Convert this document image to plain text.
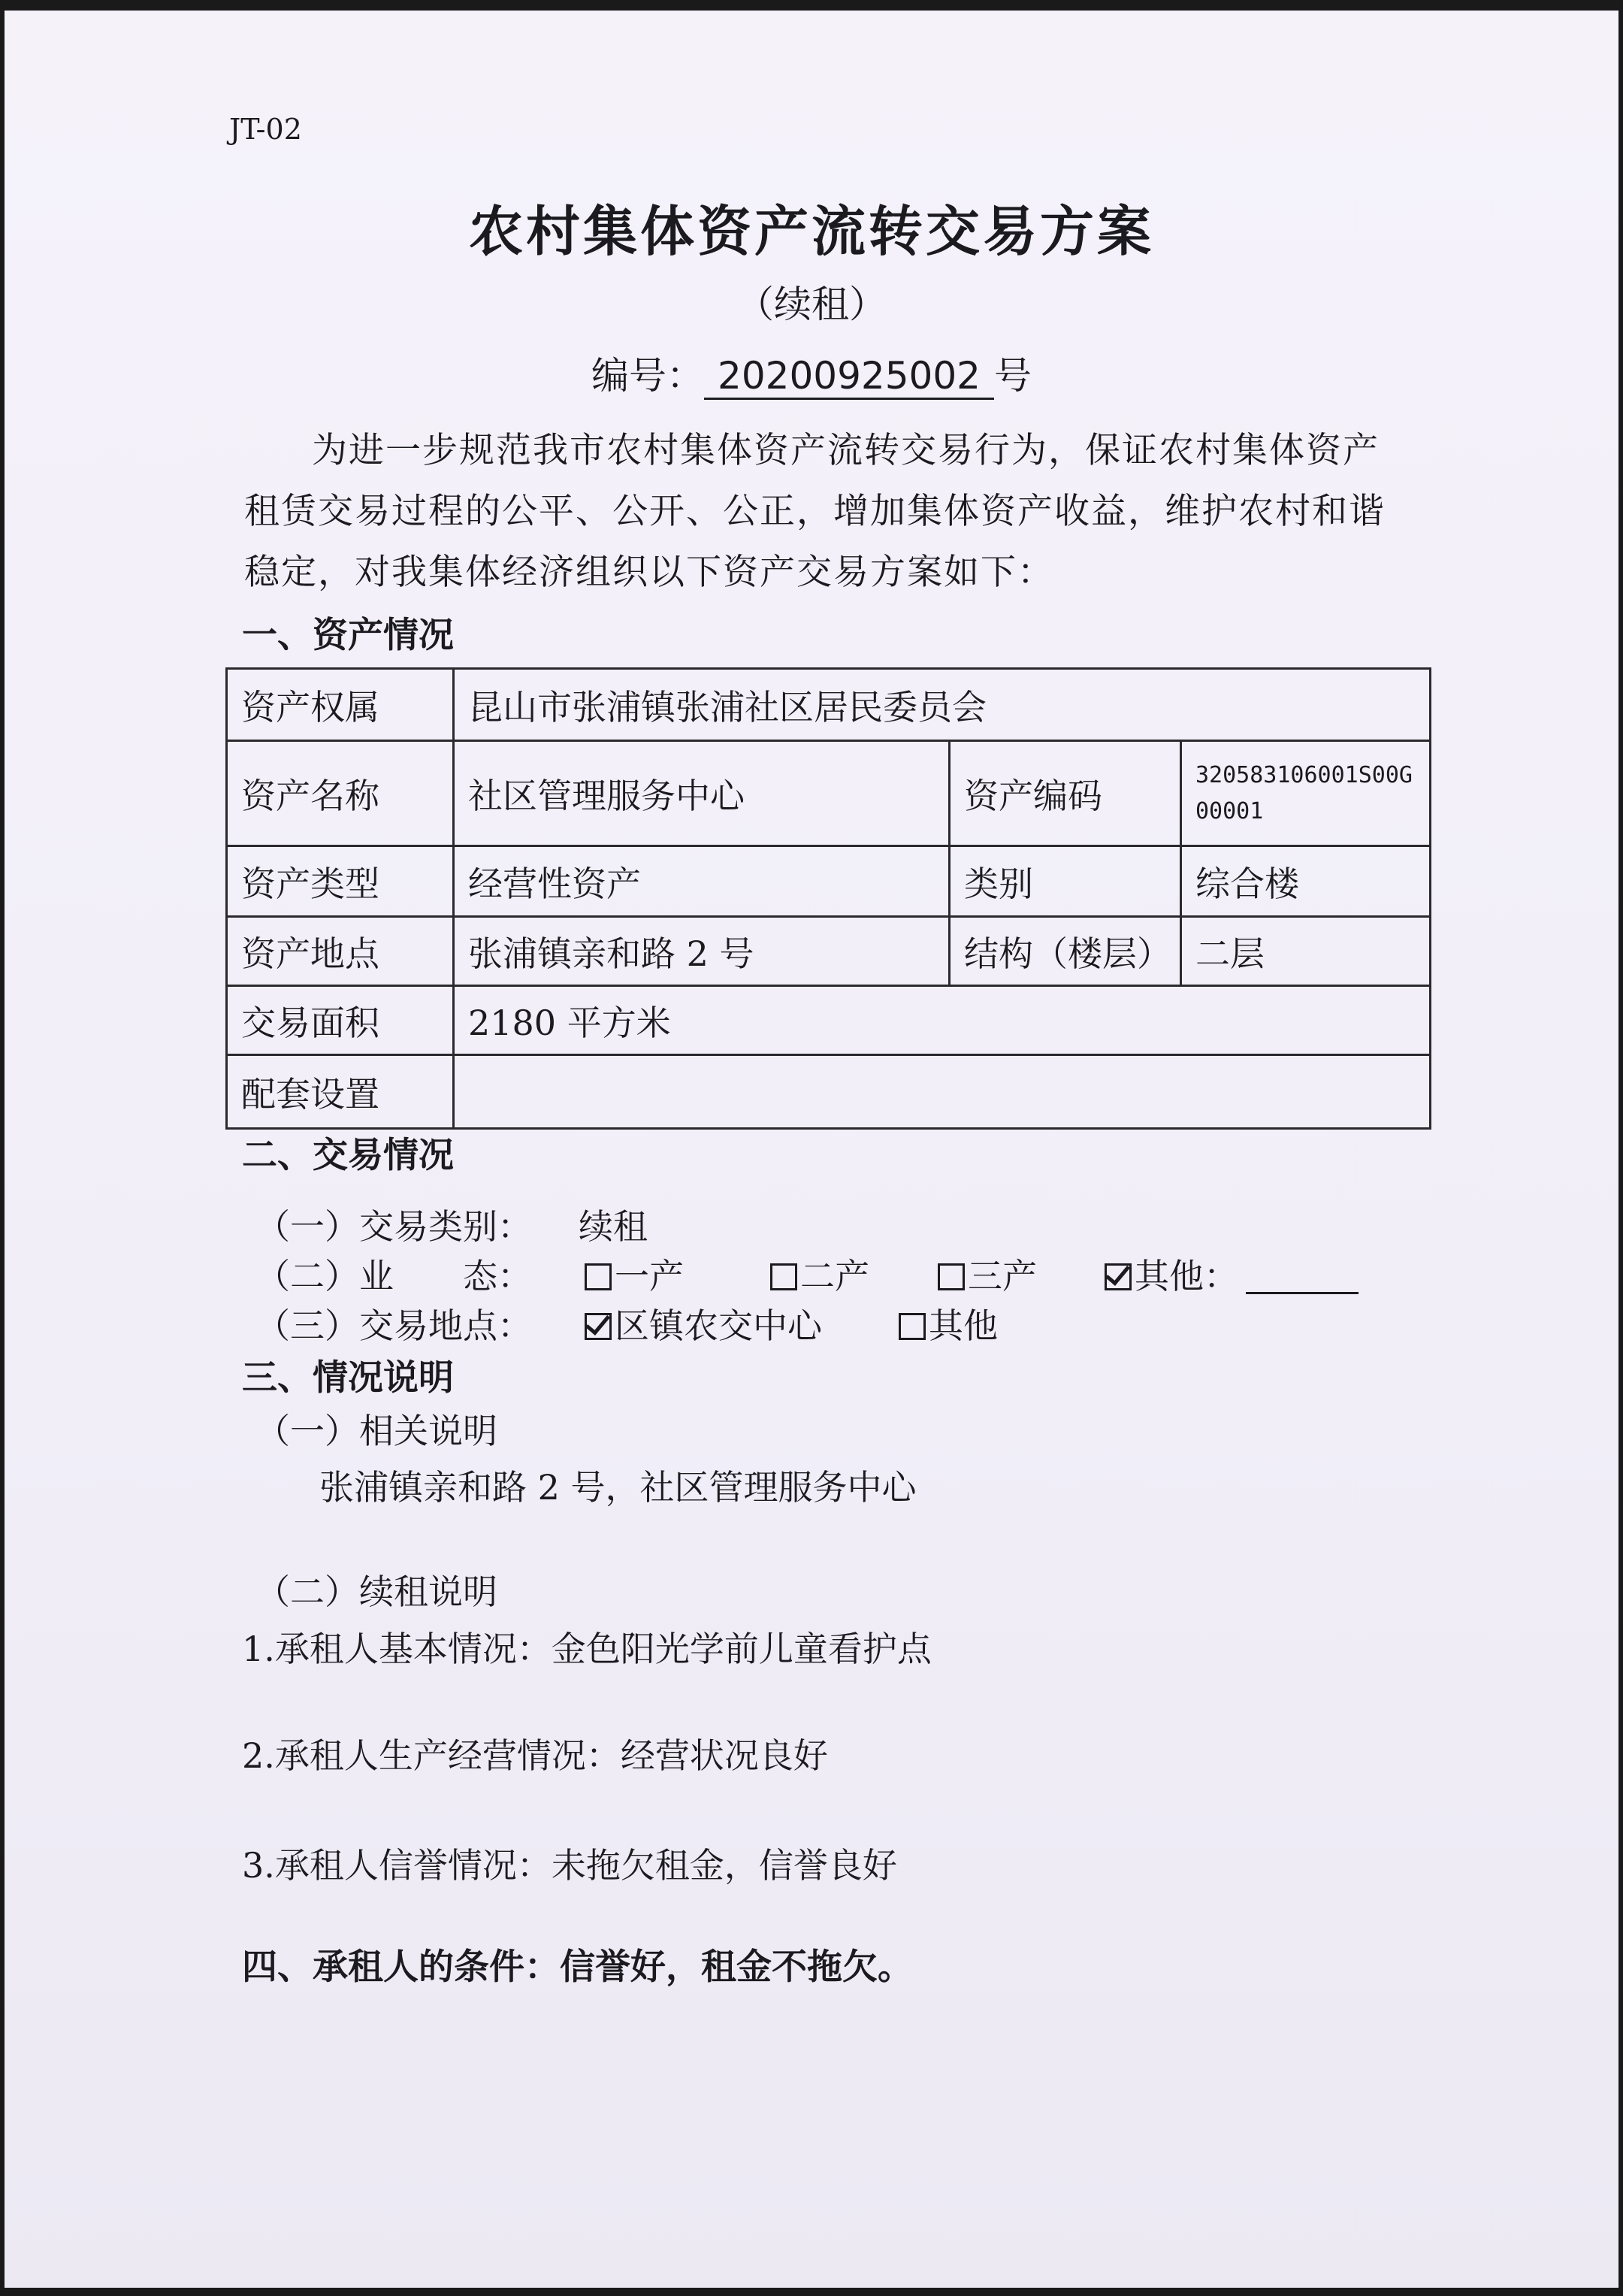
JT-02
农村集体资产流转交易方案
（续租）
编号： 20200925002 号
为进一步规范我市农村集体资产流转交易行为，保证农村集体资产
租赁交易过程的公平、公开、公正，增加集体资产收益，维护农村和谐
稳定，对我集体经济组织以下资产交易方案如下：
一、资产情况
资产权属	昆山市张浦镇张浦社区居民委员会		
资产名称	社区管理服务中心	资产编码	320583106001S00G00001
资产类型	经营性资产	类别	综合楼
资产地点	张浦镇亲和路 2 号	结构（楼层）	二层
交易面积	2180 平方米		
配套设置			
二、交易情况
（一）交易类别： 续租
（二）业　　态：	一产	二产	三产	其他：
（三）交易地点：	区镇农交中心	其他
三、情况说明
（一）相关说明
张浦镇亲和路 2 号，社区管理服务中心
（二）续租说明
1.承租人基本情况：金色阳光学前儿童看护点
2.承租人生产经营情况：经营状况良好
3.承租人信誉情况：未拖欠租金，信誉良好
四、承租人的条件：信誉好，租金不拖欠。
